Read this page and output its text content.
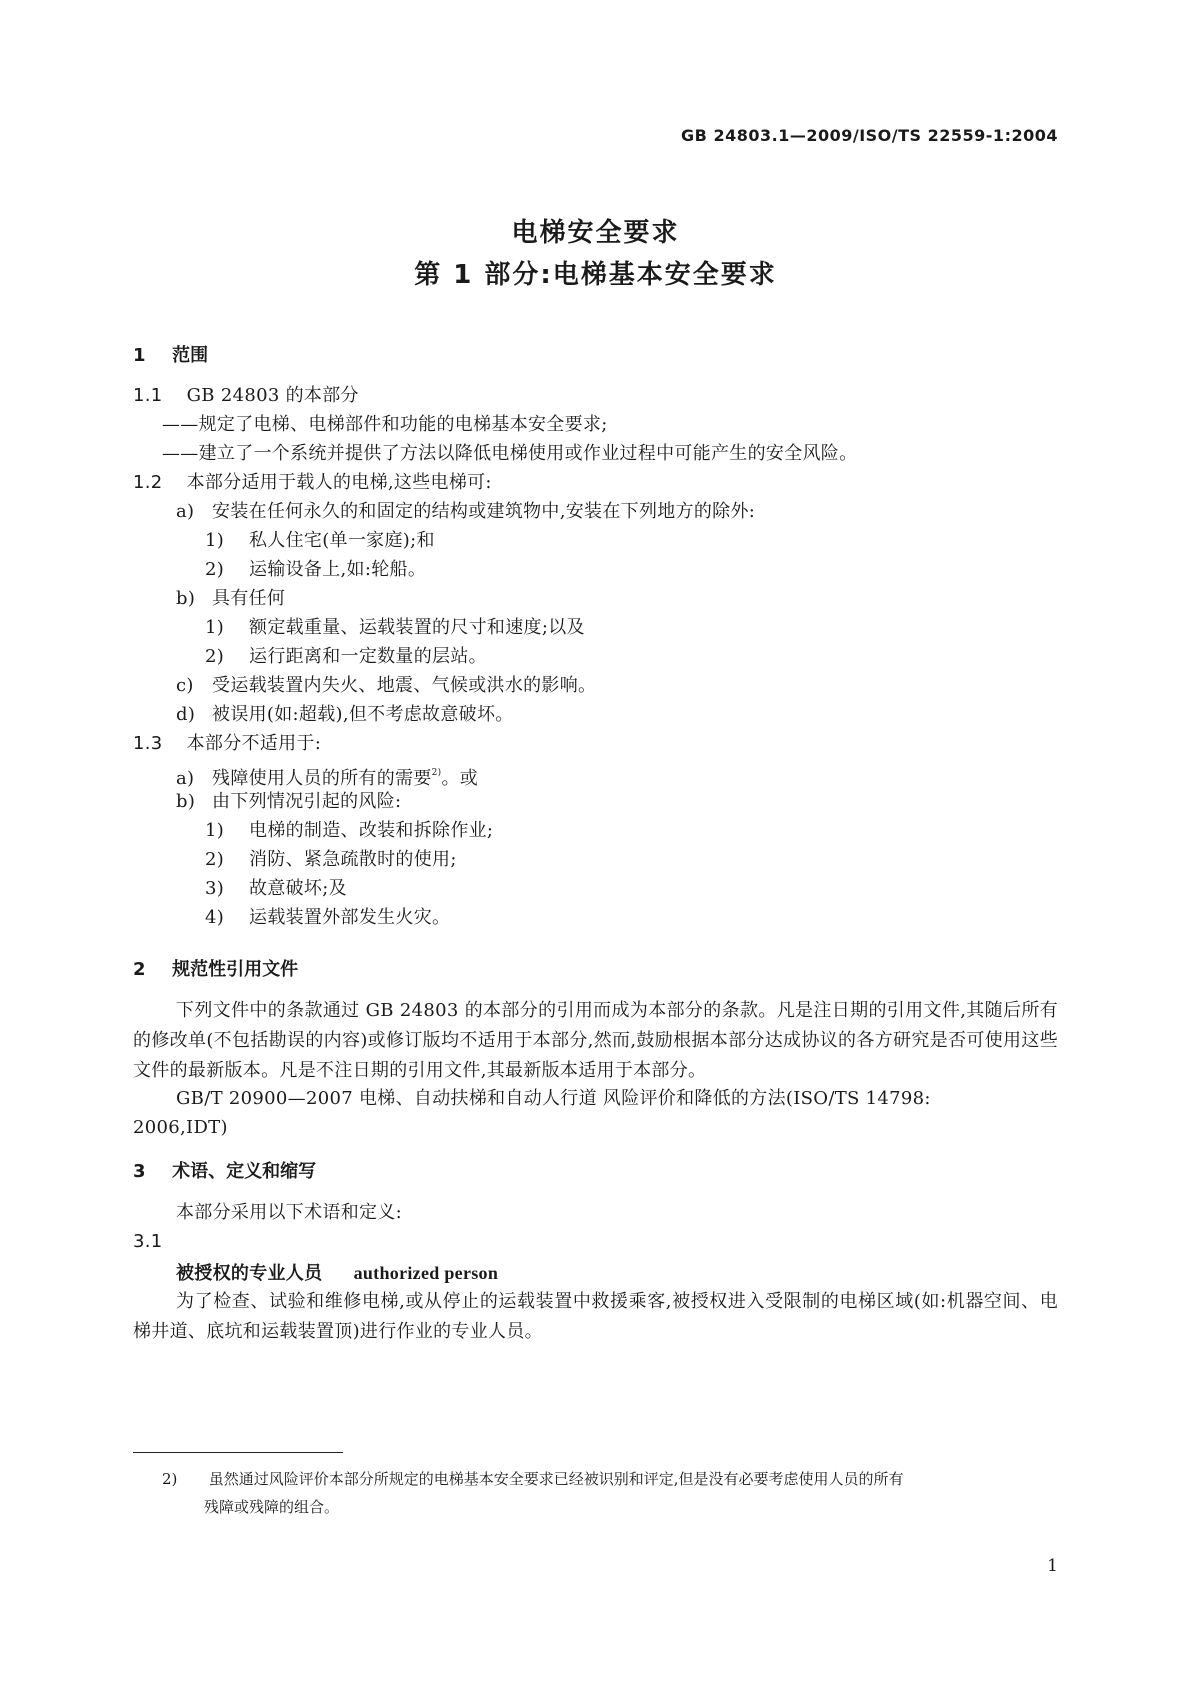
GB 24803.1—2009/ISO/TS 22559-1:2004
电梯安全要求
第 1 部分:电梯基本安全要求
1 范围
1.1 GB 24803 的本部分
——规定了电梯、电梯部件和功能的电梯基本安全要求;
——建立了一个系统并提供了方法以降低电梯使用或作业过程中可能产生的安全风险。
1.2 本部分适用于载人的电梯,这些电梯可:
a) 安装在任何永久的和固定的结构或建筑物中,安装在下列地方的除外:
1) 私人住宅(单一家庭);和
2) 运输设备上,如:轮船。
b) 具有任何
1) 额定载重量、运载装置的尺寸和速度;以及
2) 运行距离和一定数量的层站。
c) 受运载装置内失火、地震、气候或洪水的影响。
d) 被误用(如:超载),但不考虑故意破坏。
1.3 本部分不适用于:
a) 残障使用人员的所有的需要$^{2)}$。或
b) 由下列情况引起的风险:
1) 电梯的制造、改装和拆除作业;
2) 消防、紧急疏散时的使用;
3) 故意破坏;及
4) 运载装置外部发生火灾。
2 规范性引用文件
下列文件中的条款通过 GB 24803 的本部分的引用而成为本部分的条款。凡是注日期的引用文件,其随后所有的修改单(不包括勘误的内容)或修订版均不适用于本部分,然而,鼓励根据本部分达成协议的各方研究是否可使用这些文件的最新版本。凡是不注日期的引用文件,其最新版本适用于本部分。
GB/T 20900—2007 电梯、自动扶梯和自动人行道 风险评价和降低的方法(ISO/TS 14798:
2006,IDT)
3 术语、定义和缩写
本部分采用以下术语和定义:
3.1
被授权的专业人员 authorized person
为了检查、试验和维修电梯,或从停止的运载装置中救援乘客,被授权进入受限制的电梯区域(如:机器空间、电梯井道、底坑和运载装置顶)进行作业的专业人员。
2) 虽然通过风险评价本部分所规定的电梯基本安全要求已经被识别和评定,但是没有必要考虑使用人员的所有
残障或残障的组合。
1
